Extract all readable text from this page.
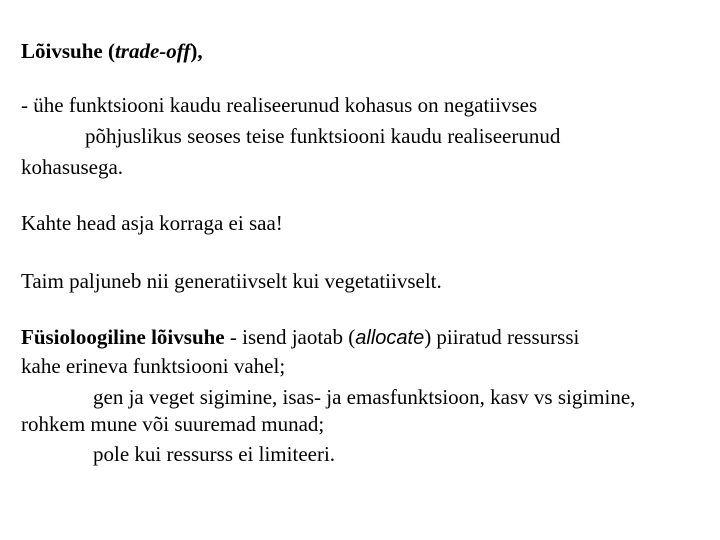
Lõivsuhe (trade-off),
- ühe funktsiooni kaudu realiseerunud kohasus on negatiivses
põhjuslikus seoses teise funktsiooni kaudu realiseerunud
kohasusega.
Kahte head asja korraga ei saa!
Taim paljuneb nii generatiivselt kui vegetatiivselt.
Füsioloogiline lõivsuhe - isend jaotab (allocate) piiratud ressurssi
kahe erineva funktsiooni vahel;
gen ja veget sigimine, isas- ja emasfunktsioon, kasv vs sigimine,
rohkem mune või suuremad munad;
pole kui ressurss ei limiteeri.
